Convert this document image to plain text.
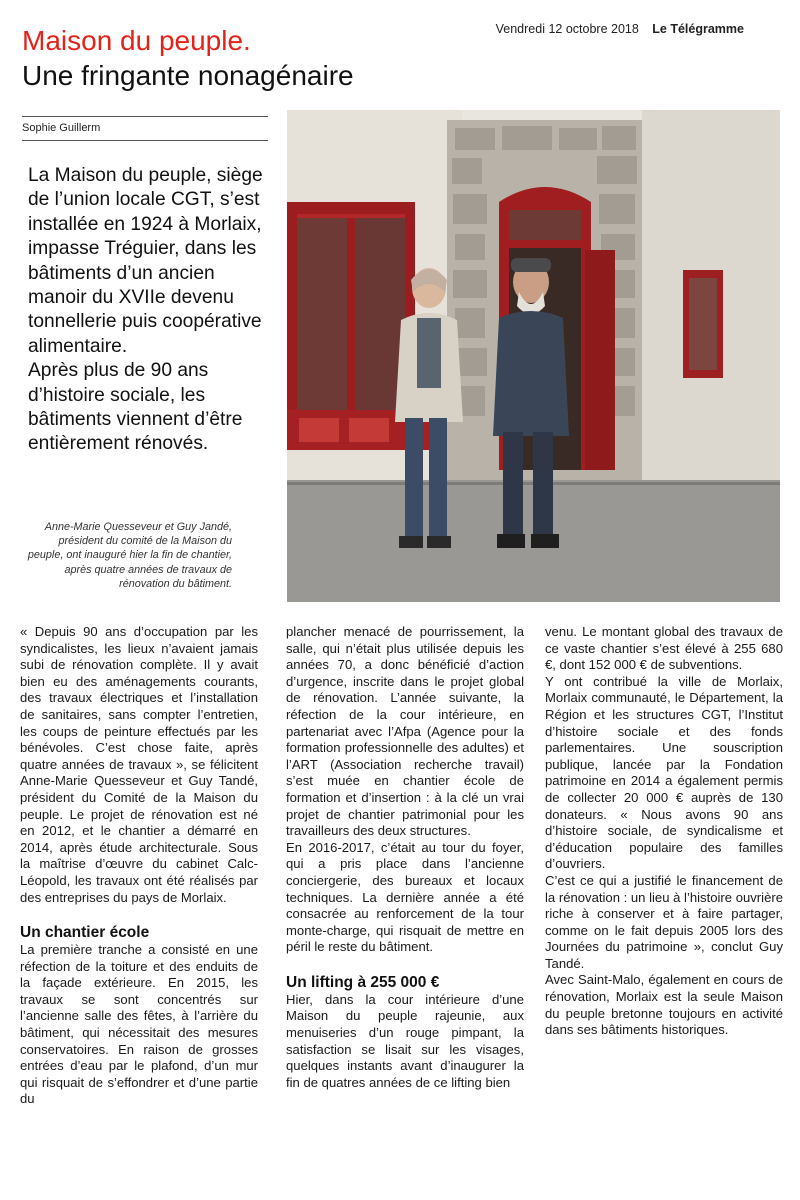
Vendredi 12 octobre 2018 Le Télégramme
Maison du peuple.
Une fringante nonagénaire
Sophie Guillerm

La Maison du peuple, siège de l’union locale CGT, s’est installée en 1924 à Morlaix, impasse Tréguier, dans les bâtiments d’un ancien manoir du XVIIe devenu tonnellerie puis coopérative alimentaire.

Après plus de 90 ans d’histoire sociale, les bâtiments viennent d’être entièrement rénovés.

Anne-Marie Quesseveur et Guy Jandé, président du comité de la Maison du peuple, ont inauguré hier la fin de chantier, après quatre années de travaux de rénovation du bâtiment.

« Depuis 90 ans d’occupation par les syndicalistes, les lieux n’avaient jamais subi de rénovation complète. Il y avait bien eu des aménagements courants, des travaux électriques et l’installation de sanitaires, sans compter l’entretien, les coups de peinture effectués par les bénévoles. C’est chose faite, après quatre années de travaux », se félicitent Anne-Marie Quesseveur et Guy Tandé, président du Comité de la Maison du peuple. Le projet de rénovation est né en 2012, et le chantier a démarré en 2014, après étude architecturale. Sous la maîtrise d’œuvre du cabinet Calc-Léopold, les travaux ont été réalisés par des entreprises du pays de Morlaix.

Un chantier école

La première tranche a consisté en une réfection de la toiture et des enduits de la façade extérieure. En 2015, les travaux se sont concentrés sur l’ancienne salle des fêtes, à l’arrière du bâtiment, qui nécessitait des mesures conservatoires. En raison de grosses entrées d’eau par le plafond, d’un mur qui risquait de s’effondrer et d’une partie du

plancher menacé de pourrissement, la salle, qui n’était plus utilisée depuis les années 70, a donc bénéficié d’action d’urgence, inscrite dans le projet global de rénovation. L’année suivante, la réfection de la cour intérieure, en partenariat avec l’Afpa (Agence pour la formation professionnelle des adultes) et l’ART (Association recherche travail) s’est muée en chantier école de formation et d’insertion : à la clé un vrai projet de chantier patrimonial pour les travailleurs des deux structures.

En 2016-2017, c’était au tour du foyer, qui a pris place dans l’ancienne conciergerie, des bureaux et locaux techniques. La dernière année a été consacrée au renforcement de la tour monte-charge, qui risquait de mettre en péril le reste du bâtiment.

Un lifting à 255 000 €

Hier, dans la cour intérieure d’une Maison du peuple rajeunie, aux menuiseries d’un rouge pimpant, la satisfaction se lisait sur les visages, quelques instants avant d’inaugurer la fin de quatres années de ce lifting bien

venu. Le montant global des travaux de ce vaste chantier s’est élevé à 255 680 €, dont 152 000 € de subventions.

Y ont contribué la ville de Morlaix, Morlaix communauté, le Département, la Région et les structures CGT, l’Institut d’histoire sociale et des fonds parlementaires. Une souscription publique, lancée par la Fondation patrimoine en 2014 a également permis de collecter 20 000 € auprès de 130 donateurs. « Nous avons 90 ans d’histoire sociale, de syndicalisme et d’éducation populaire des familles d’ouvriers.

C’est ce qui a justifié le financement de la rénovation : un lieu à l’histoire ouvrière riche à conserver et à faire partager, comme on le fait depuis 2005 lors des Journées du patrimoine », conclut Guy Tandé.

Avec Saint-Malo, également en cours de rénovation, Morlaix est la seule Maison du peuple bretonne toujours en activité dans ses bâtiments historiques.
